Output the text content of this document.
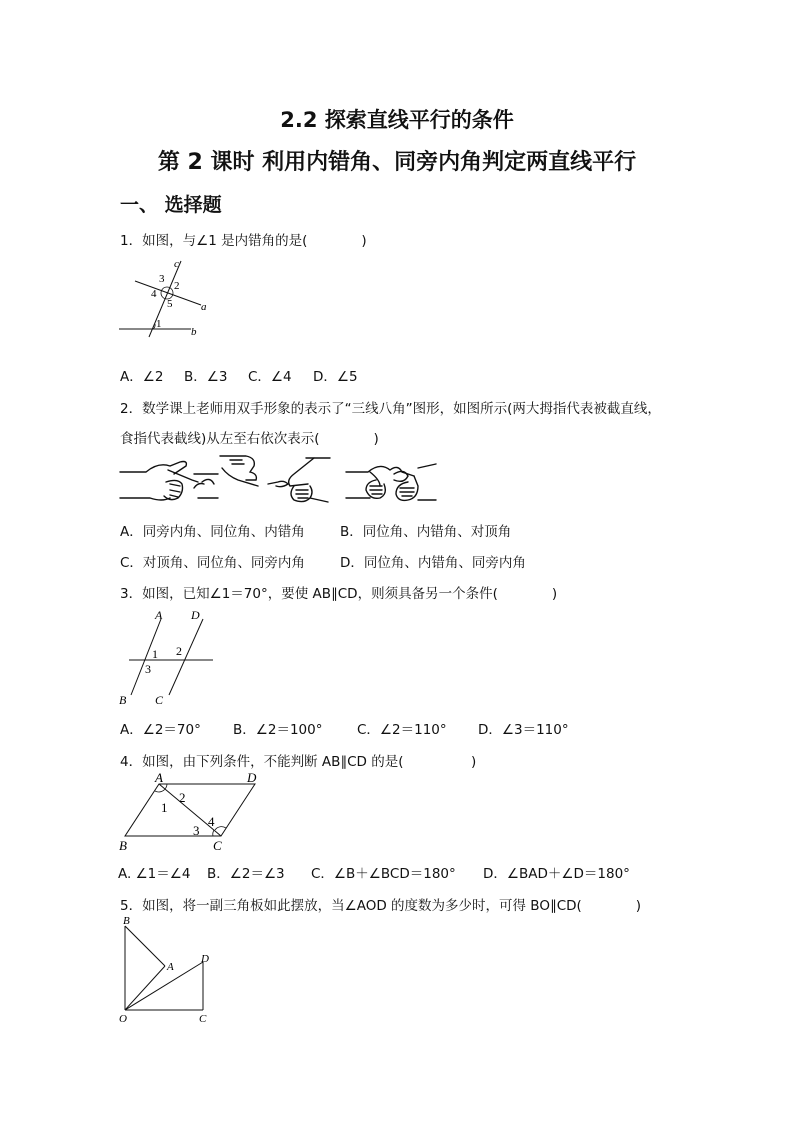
2.2 探索直线平行的条件
第 2 课时 利用内错角、同旁内角判定两直线平行
一、 选择题
1．如图，与∠1 是内错角的是(　　　　)
c
3
2
4
5	a
1
b
A．∠2 B．∠3 C．∠4 D．∠5
2．数学课上老师用双手形象的表示了“三线八角”图形，如图所示(两大拇指代表被截直线，
食指代表截线)从左至右依次表示(　　　　)
A．同旁内角、同位角、内错角	B．同位角、内错角、对顶角
C．对顶角、同位角、同旁内角	D．同位角、内错角、同旁内角
3．如图，已知∠1＝70°，要使 AB∥CD，则须具备另一个条件(　　　　)
A D
1 2
3
B C
A．∠2＝70° B．∠2＝100°	C．∠2＝110° D．∠3＝110°
4．如图，由下列条件，不能判断 AB∥CD 的是(　　　　　)
A	D
2
1
4
3
B	C
A. ∠1＝∠4 B．∠2＝∠3 C．∠B＋∠BCD＝180° D．∠BAD＋∠D＝180°
5．如图，将一副三角板如此摆放，当∠AOD 的度数为多少时，可得 BO∥CD(　　　　)
B
A
D
O	C
